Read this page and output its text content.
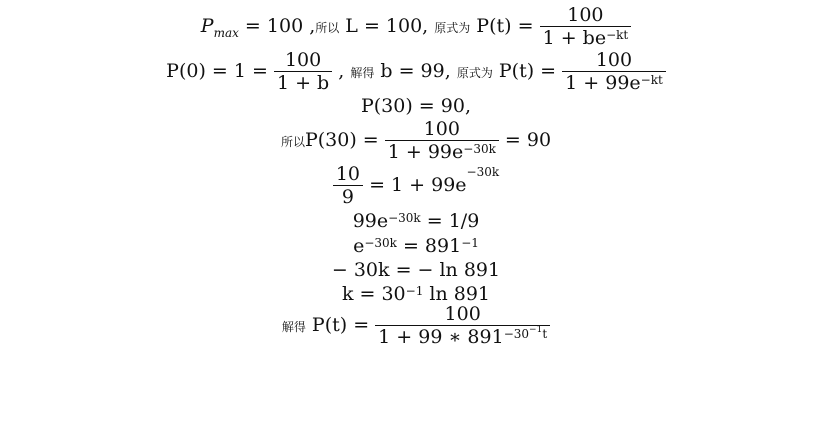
$P_{max} = 100$ ,所以 L = 100, 原式为 $P(t) = \frac{100}{1 + be^{-kt}}$
$P(0) = 1 = \frac{100}{1 + b}$ , 解得 b = 99, 原式为 $P(t) = \frac{100}{1 + 99e^{-kt}}$
P(30) = 90,
所以$P(30) = \frac{100}{1 + 99e^{-30k}} = 90$
$\frac{10}{9} = 1 + 99e^{-30k}$
$99e^{-30k} = 1/9$
$e^{-30k} = 891^{-1}$
− 30k = − ln 891
$k = 30^{-1}$ ln 891
解得 $P(t) = \frac{100}{1 + 99 ∗ 891^{-30^{-1}t}}$
